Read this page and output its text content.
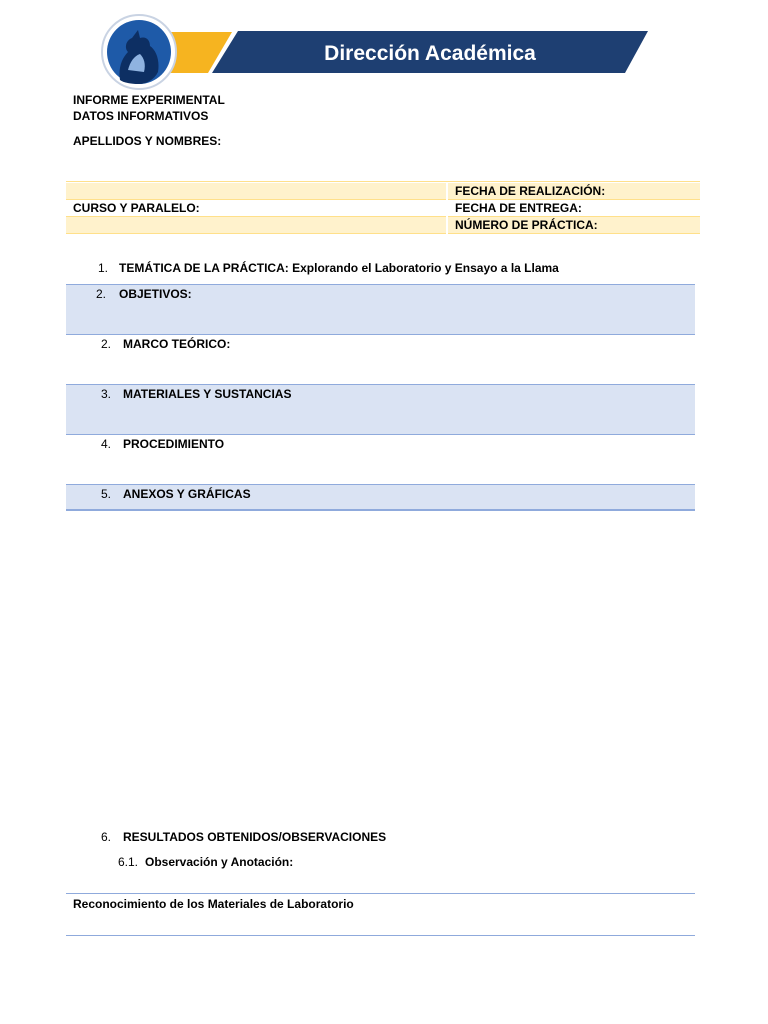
Dirección Académica
INFORME EXPERIMENTAL
DATOS INFORMATIVOS
APELLIDOS Y NOMBRES:
CURSO Y PARALELO:
FECHA DE REALIZACIÓN:
FECHA DE ENTREGA:
NÚMERO DE PRÁCTICA:
1. TEMÁTICA DE LA PRÁCTICA: Explorando el Laboratorio y Ensayo a la Llama
2. OBJETIVOS:
2. MARCO TEÓRICO:
3. MATERIALES Y SUSTANCIAS
4. PROCEDIMIENTO
5. ANEXOS Y GRÁFICAS
6. RESULTADOS OBTENIDOS/OBSERVACIONES
6.1. Observación y Anotación:
Reconocimiento de los Materiales de Laboratorio
